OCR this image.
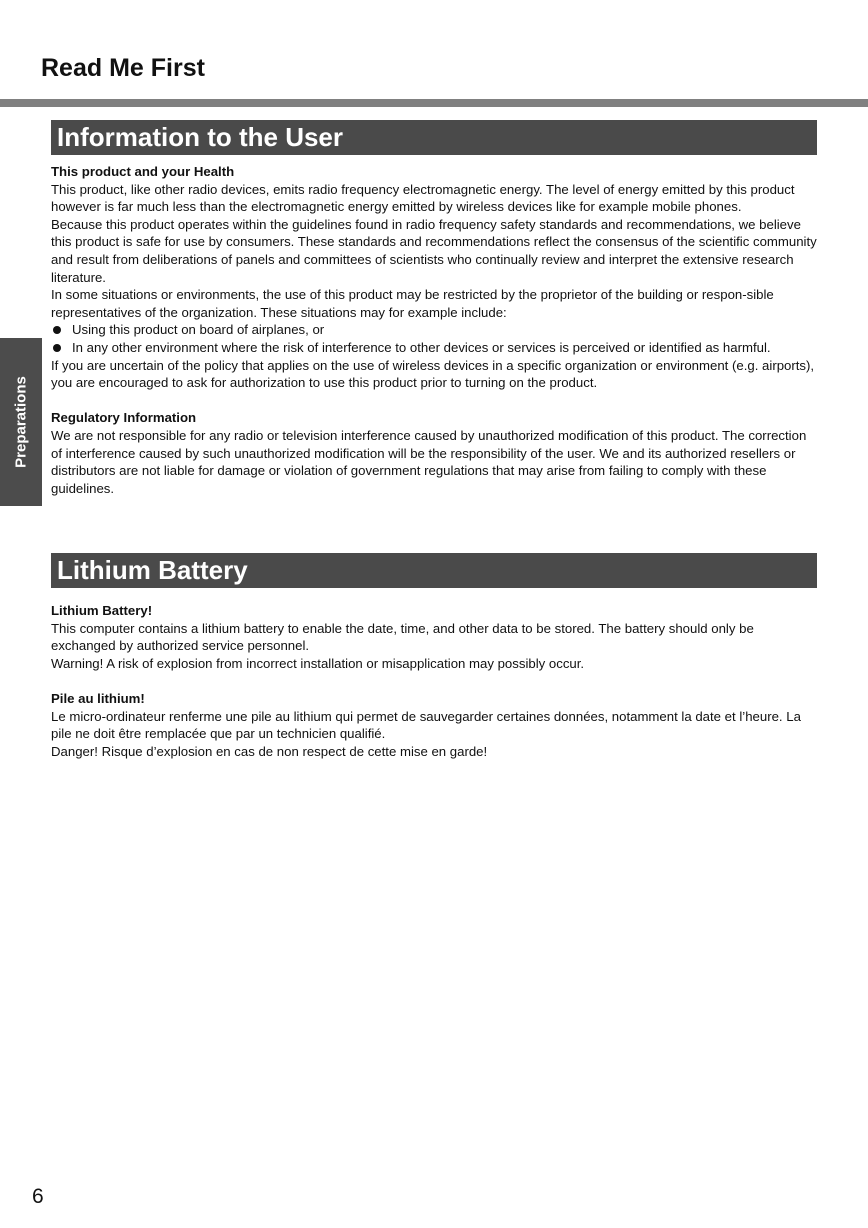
Read Me First
Preparations
Information to the User

This product and your Health

This product, like other radio devices, emits radio frequency electromagnetic energy. The level of energy emitted by this product however is far much less than the electromagnetic energy emitted by wireless devices like for example mobile phones.

Because this product operates within the guidelines found in radio frequency safety standards and recommendations, we believe this product is safe for use by consumers. These standards and recommendations reflect the consensus of the scientific community and result from deliberations of panels and committees of scientists who continually review and interpret the extensive research literature.

In some situations or environments, the use of this product may be restricted by the proprietor of the building or respon-sible representatives of the organization. These situations may for example include:

Using this product on board of airplanes, or
In any other environment where the risk of interference to other devices or services is perceived or identified as harmful.

If you are uncertain of the policy that applies on the use of wireless devices in a specific organization or environment (e.g. airports), you are encouraged to ask for authorization to use this product prior to turning on the product.

Regulatory Information

We are not responsible for any radio or television interference caused by unauthorized modification of this product. The correction of interference caused by such unauthorized modification will be the responsibility of the user. We and its authorized resellers or distributors are not liable for damage or violation of government regulations that may arise from failing to comply with these guidelines.

Lithium Battery

Lithium Battery!

This computer contains a lithium battery to enable the date, time, and other data to be stored. The battery should only be exchanged by authorized service personnel.

Warning! A risk of explosion from incorrect installation or misapplication may possibly occur.

Pile au lithium!

Le micro-ordinateur renferme une pile au lithium qui permet de sauvegarder certaines données, notamment la date et l’heure. La pile ne doit être remplacée que par un technicien qualifié.

Danger! Risque d’explosion en cas de non respect de cette mise en garde!

6
